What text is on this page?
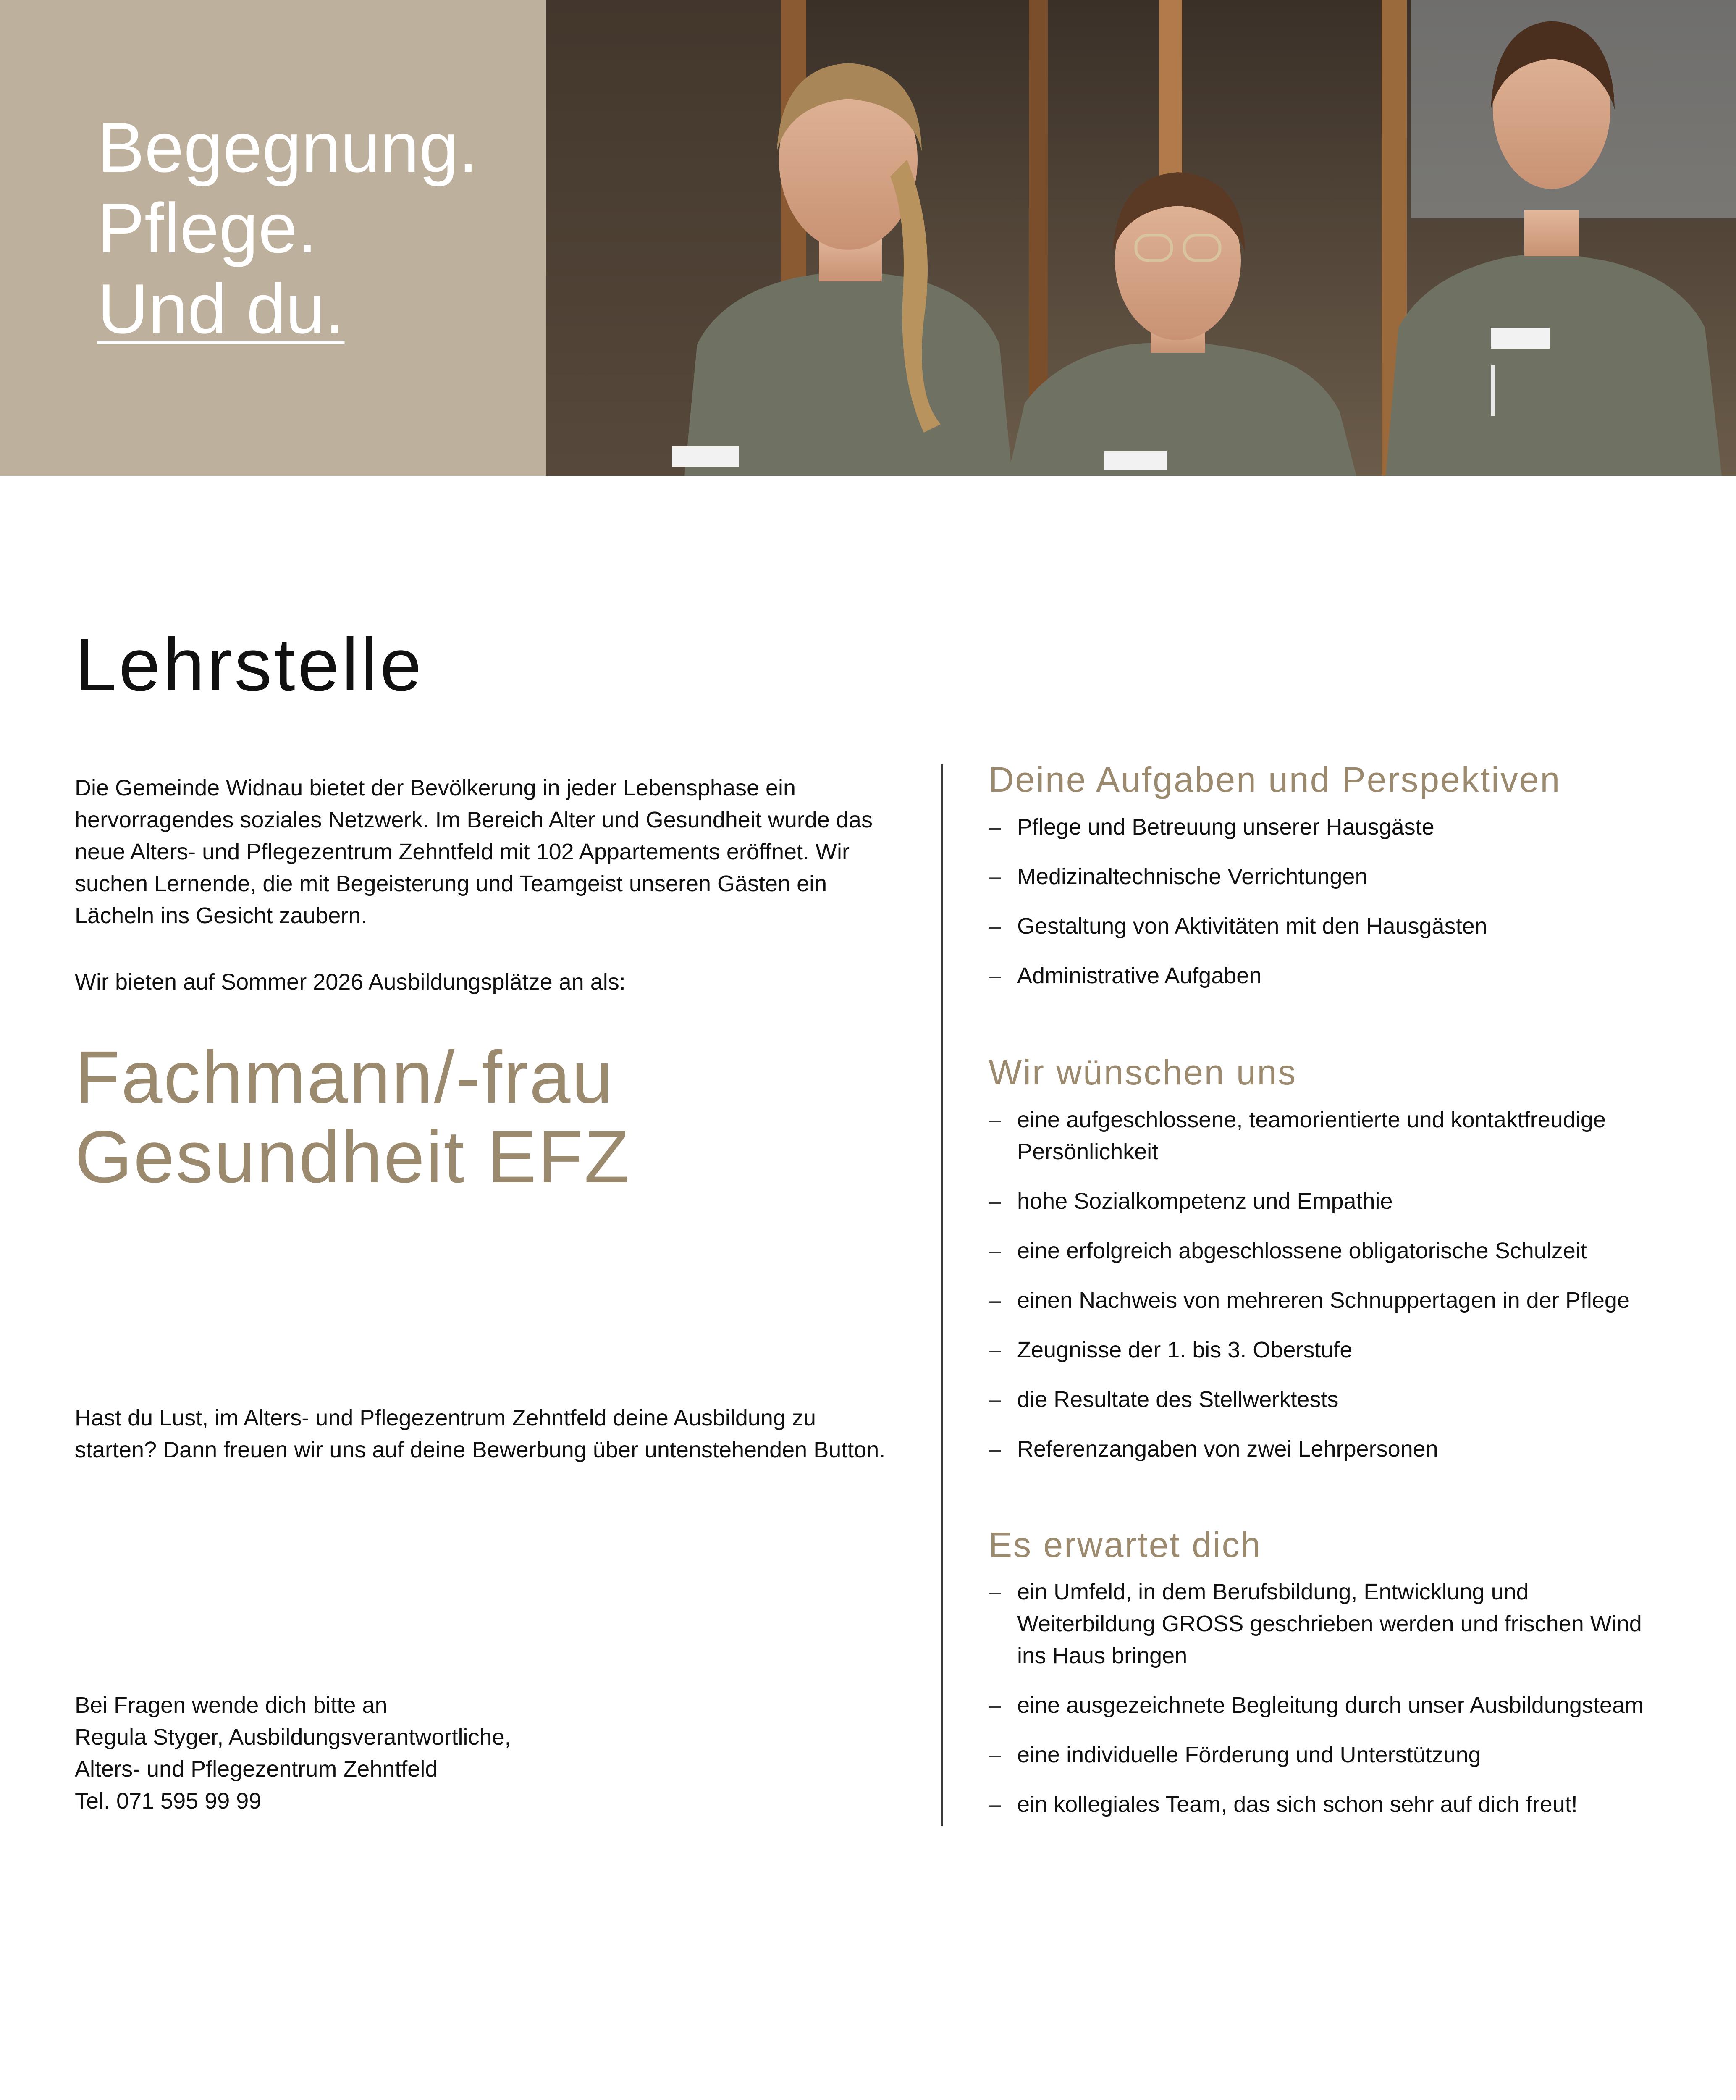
Begegnung.
Pflege.
Und du.
Lehrstelle

Die Gemeinde Widnau bietet der Bevölkerung in jeder Lebensphase ein hervorragendes soziales Netzwerk. Im Bereich Alter und Gesundheit wurde das neue Alters- und Pflegezentrum Zehntfeld mit 102 Appartements eröffnet. Wir suchen Lernende, die mit Begeisterung und Teamgeist unseren Gästen ein Lächeln ins Gesicht zaubern.

Wir bieten auf Sommer 2026 Ausbildungsplätze an als:

Fachmann/-frau
Gesundheit EFZ

Hast du Lust, im Alters- und Pflegezentrum Zehntfeld deine Ausbildung zu starten? Dann freuen wir uns auf deine Bewerbung über untenstehenden Button.

Bei Fragen wende dich bitte an
Regula Styger, Ausbildungsverantwortliche,
Alters- und Pflegezentrum Zehntfeld
Tel. 071 595 99 99
Deine Aufgaben und Perspektiven
– Pflege und Betreuung unserer Hausgäste
– Medizinaltechnische Verrichtungen
– Gestaltung von Aktivitäten mit den Hausgästen
– Administrative Aufgaben
Wir wünschen uns
– eine aufgeschlossene, teamorientierte und kontaktfreudige Persönlichkeit
– hohe Sozialkompetenz und Empathie
– eine erfolgreich abgeschlossene obligatorische Schulzeit
– einen Nachweis von mehreren Schnuppertagen in der Pflege
– Zeugnisse der 1. bis 3. Oberstufe
– die Resultate des Stellwerktests
– Referenzangaben von zwei Lehrpersonen
Es erwartet dich
– ein Umfeld, in dem Berufsbildung, Entwicklung und Weiterbildung GROSS geschrieben werden und frischen Wind ins Haus bringen
– eine ausgezeichnete Begleitung durch unser Ausbildungsteam
– eine individuelle Förderung und Unterstützung
– ein kollegiales Team, das sich schon sehr auf dich freut!
